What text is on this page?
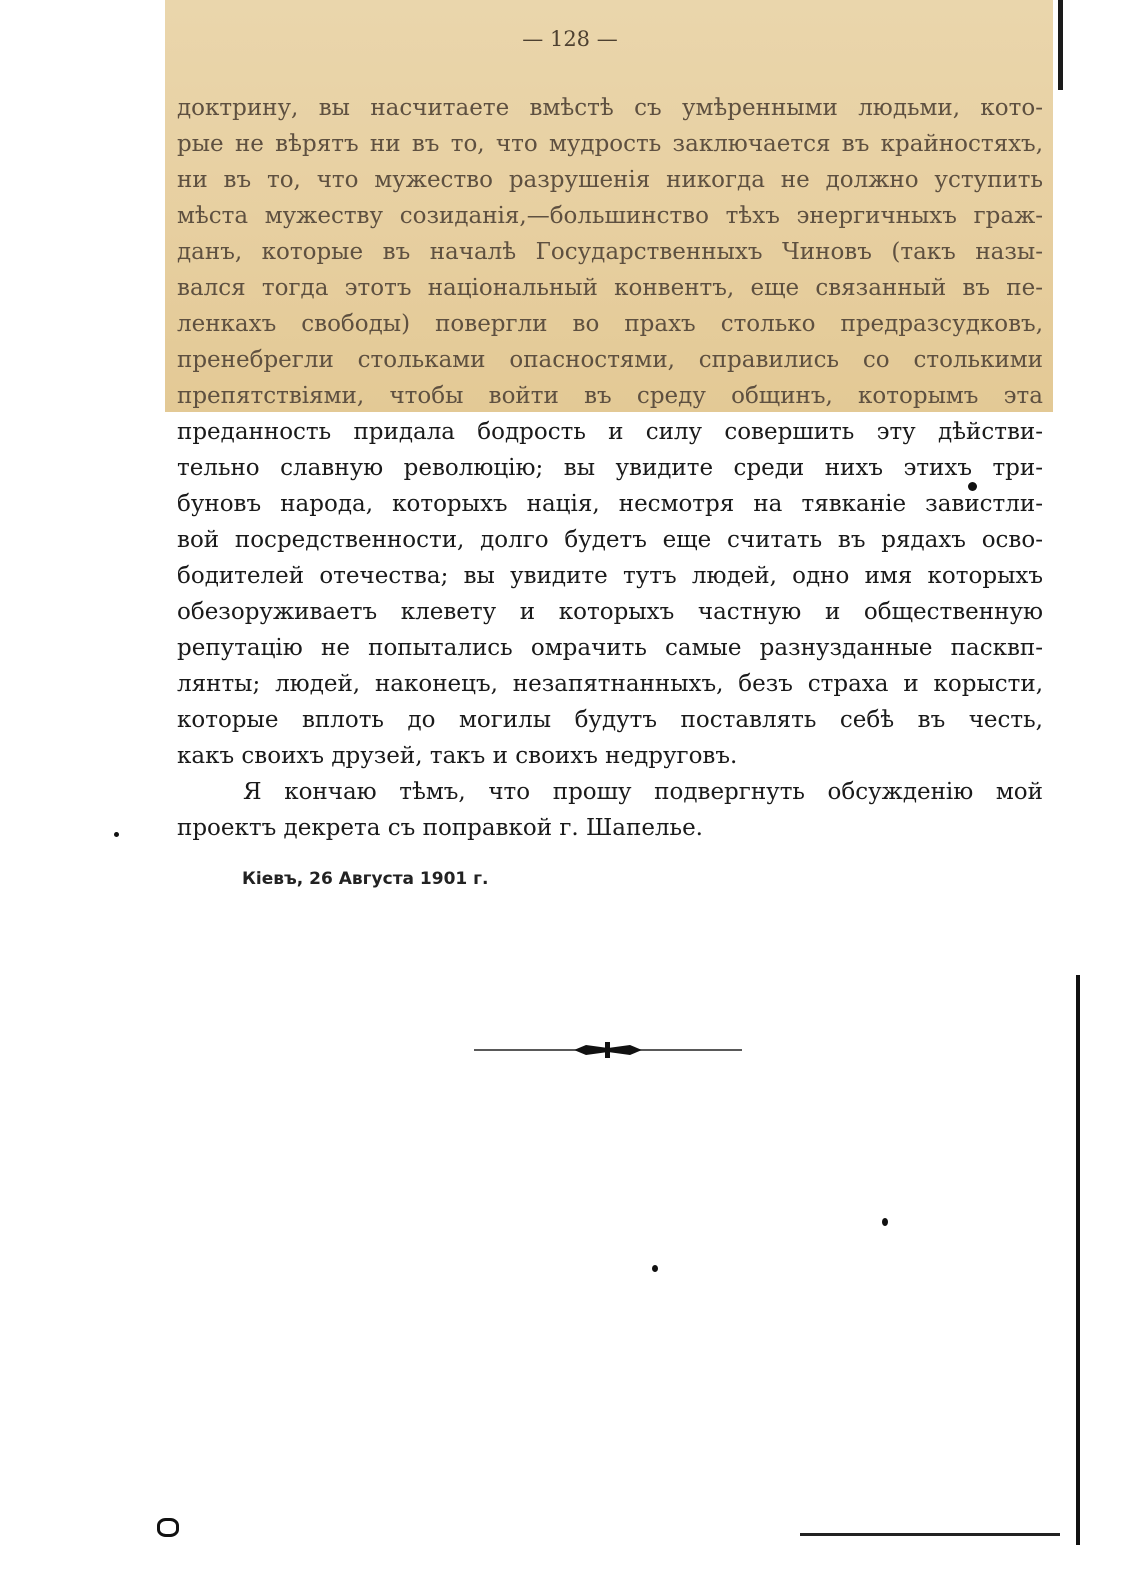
— 128 —
доктрину, вы насчитаете вмѣстѣ съ умѣренными людьми, кото-
рые не вѣрятъ ни въ то, что мудрость заключается въ крайностяхъ,
ни въ то, что мужество разрушенія никогда не должно уступить
мѣста мужеству созиданія,—большинство тѣхъ энергичныхъ граж-
данъ, которые въ началѣ Государственныхъ Чиновъ (такъ назы-
вался тогда этотъ національный конвентъ, еще связанный въ пе-
ленкахъ свободы) повергли во прахъ столько предразсудковъ,
пренебрегли стольками опасностями, справились со столькими
препятствіями, чтобы войти въ среду общинъ, которымъ эта
преданность придала бодрость и силу совершить эту дѣйстви-
тельно славную революцію; вы увидите среди нихъ этихъ три-
буновъ народа, которыхъ нація, несмотря на тявканіе завистли-
вой посредственности, долго будетъ еще считать въ рядахъ осво-
бодителей отечества; вы увидите тутъ людей, одно имя которыхъ
обезоруживаетъ клевету и которыхъ частную и общественную
репутацію не попытались омрачить самые разнузданные пасквп-
лянты; людей, наконецъ, незапятнанныхъ, безъ страха и корысти,
которые вплоть до могилы будутъ поставлять себѣ въ честь,
какъ своихъ друзей, такъ и своихъ недруговъ.
Я кончаю тѣмъ, что прошу подвергнуть обсужденію мой
проектъ декрета съ поправкой г. Шапелье.
Кіевъ, 26 Августа 1901 г.
